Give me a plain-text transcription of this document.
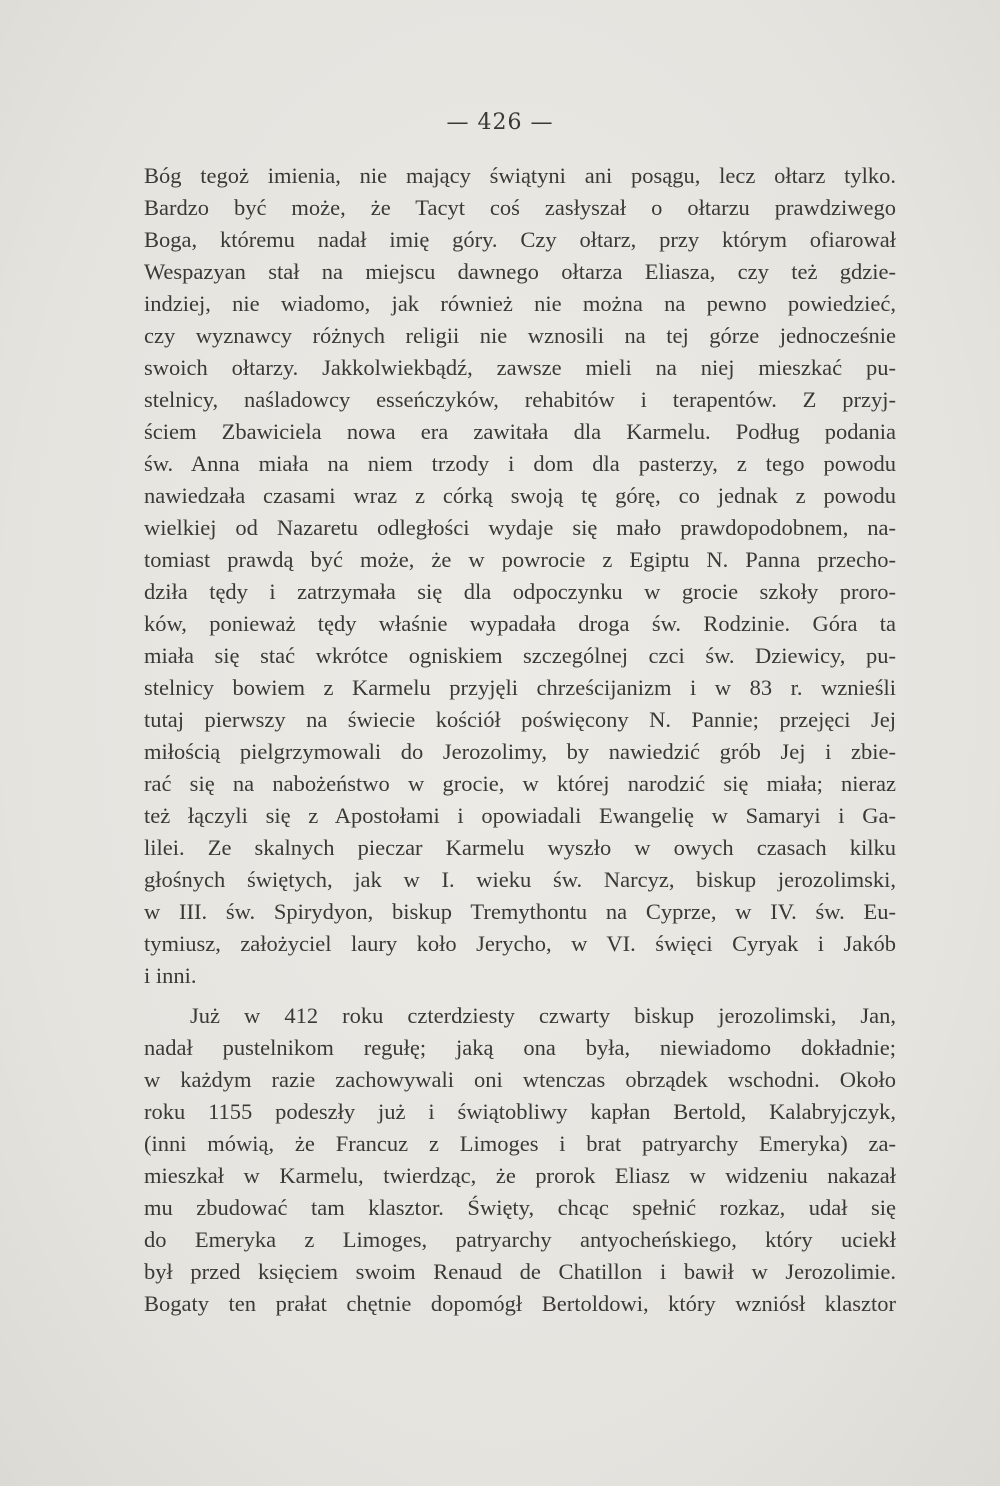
— 426 —
Bóg tegoż imienia, nie mający świątyni ani posągu, lecz ołtarz tylko.
Bardzo być może, że Tacyt coś zasłyszał o ołtarzu prawdziwego
Boga, któremu nadał imię góry. Czy ołtarz, przy którym ofiarował
Wespazyan stał na miejscu dawnego ołtarza Eliasza, czy też gdzie-
indziej, nie wiadomo, jak również nie można na pewno powiedzieć,
czy wyznawcy różnych religii nie wznosili na tej górze jednocześnie
swoich ołtarzy. Jakkolwiekbądź, zawsze mieli na niej mieszkać pu-
stelnicy, naśladowcy esseńczyków, rehabitów i terapentów. Z przyj-
ściem Zbawiciela nowa era zawitała dla Karmelu. Podług podania
św. Anna miała na niem trzody i dom dla pasterzy, z tego powodu
nawiedzała czasami wraz z córką swoją tę górę, co jednak z powodu
wielkiej od Nazaretu odległości wydaje się mało prawdopodobnem, na-
tomiast prawdą być może, że w powrocie z Egiptu N. Panna przecho-
dziła tędy i zatrzymała się dla odpoczynku w grocie szkoły proro-
ków, ponieważ tędy właśnie wypadała droga św. Rodzinie. Góra ta
miała się stać wkrótce ogniskiem szczególnej czci św. Dziewicy, pu-
stelnicy bowiem z Karmelu przyjęli chrześcijanizm i w 83 r. wznieśli
tutaj pierwszy na świecie kościół poświęcony N. Pannie; przejęci Jej
miłością pielgrzymowali do Jerozolimy, by nawiedzić grób Jej i zbie-
rać się na nabożeństwo w grocie, w której narodzić się miała; nieraz
też łączyli się z Apostołami i opowiadali Ewangelię w Samaryi i Ga-
lilei. Ze skalnych pieczar Karmelu wyszło w owych czasach kilku
głośnych świętych, jak w I. wieku św. Narcyz, biskup jerozolimski,
w III. św. Spirydyon, biskup Tremythontu na Cyprze, w IV. św. Eu-
tymiusz, założyciel laury koło Jerycho, w VI. święci Cyryak i Jakób
i inni.
Już w 412 roku czterdziesty czwarty biskup jerozolimski, Jan,
nadał pustelnikom regułę; jaką ona była, niewiadomo dokładnie;
w każdym razie zachowywali oni wtenczas obrządek wschodni. Około
roku 1155 podeszły już i świątobliwy kapłan Bertold, Kalabryjczyk,
(inni mówią, że Francuz z Limoges i brat patryarchy Emeryka) za-
mieszkał w Karmelu, twierdząc, że prorok Eliasz w widzeniu nakazał
mu zbudować tam klasztor. Święty, chcąc spełnić rozkaz, udał się
do Emeryka z Limoges, patryarchy antyocheńskiego, który uciekł
był przed księciem swoim Renaud de Chatillon i bawił w Jerozolimie.
Bogaty ten prałat chętnie dopomógł Bertoldowi, który wzniósł klasztor
